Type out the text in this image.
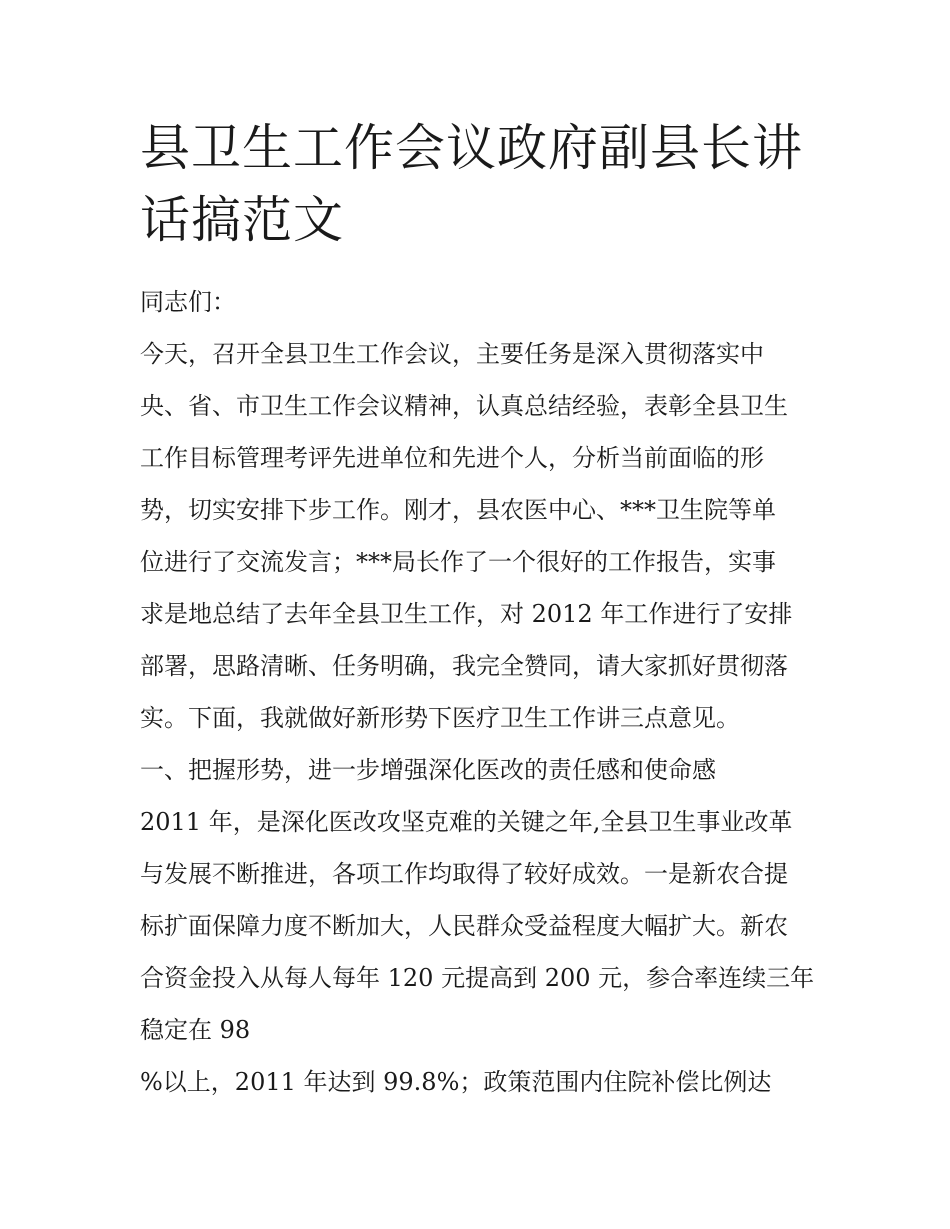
县卫生工作会议政府副县长讲
话搞范文

同志们：

今天，召开全县卫生工作会议，主要任务是深入贯彻落实中

央、省、市卫生工作会议精神，认真总结经验，表彰全县卫生

工作目标管理考评先进单位和先进个人，分析当前面临的形

势，切实安排下步工作。刚才，县农医中心、***卫生院等单

位进行了交流发言；***局长作了一个很好的工作报告，实事

求是地总结了去年全县卫生工作，对 2012 年工作进行了安排

部署，思路清晰、任务明确，我完全赞同，请大家抓好贯彻落

实。下面，我就做好新形势下医疗卫生工作讲三点意见。

一、把握形势，进一步增强深化医改的责任感和使命感

2011 年，是深化医改攻坚克难的关键之年,全县卫生事业改革

与发展不断推进，各项工作均取得了较好成效。一是新农合提

标扩面保障力度不断加大，人民群众受益程度大幅扩大。新农

合资金投入从每人每年 120 元提高到 200 元，参合率连续三年

稳定在 98

%以上，2011 年达到 99.8%；政策范围内住院补偿比例达
